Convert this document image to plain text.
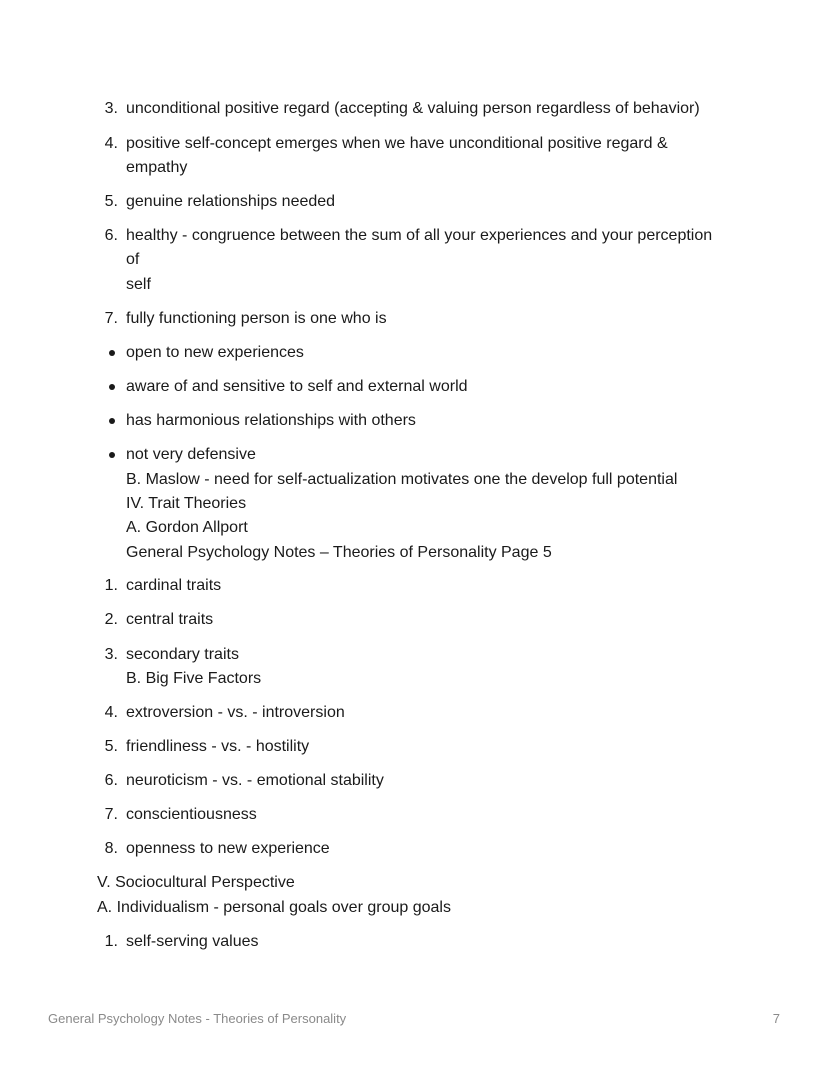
3. unconditional positive regard (accepting & valuing person regardless of behavior)
4. positive self-concept emerges when we have unconditional positive regard &
empathy
5. genuine relationships needed
6. healthy - congruence between the sum of all your experiences and your perception
of
self
7. fully functioning person is one who is
open to new experiences
aware of and sensitive to self and external world
has harmonious relationships with others
not very defensive
B. Maslow - need for self-actualization motivates one the develop full potential
IV. Trait Theories
A. Gordon Allport
General Psychology Notes – Theories of Personality Page 5
1. cardinal traits
2. central traits
3. secondary traits
B. Big Five Factors
4. extroversion - vs. - introversion
5. friendliness - vs. - hostility
6. neuroticism - vs. - emotional stability
7. conscientiousness
8. openness to new experience
V. Sociocultural Perspective
A. Individualism - personal goals over group goals
1. self-serving values
General Psychology Notes - Theories of Personality	7
